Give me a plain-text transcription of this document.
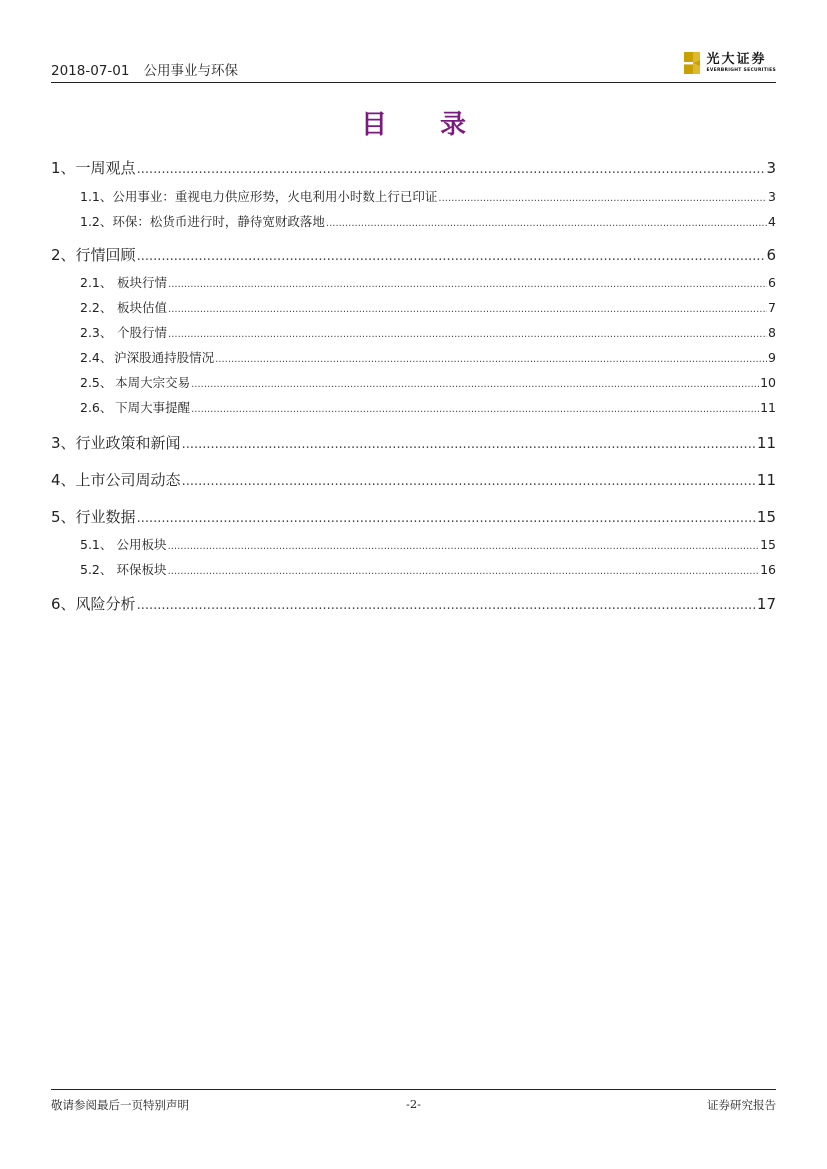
2018-07-01 公用事业与环保
光大证券
EVERBRIGHT SECURITIES
目 录
1、 一周观点 .....	3
1.1、 公用事业：重视电力供应形势，火电利用小时数上行已印证 .....	3
1.2、 环保：松货币进行时，静待宽财政落地 .....	4
2、 行情回顾 .....	6
2.1、 板块行情 .....	6
2.2、 板块估值 .....	7
2.3、 个股行情 .....	8
2.4、 沪深股通持股情况 .....	9
2.5、 本周大宗交易 .....	10
2.6、 下周大事提醒 .....	11
3、 行业政策和新闻 .....	11
4、 上市公司周动态 .....	11
5、 行业数据 .....	15
5.1、 公用板块 .....	15
5.2、 环保板块 .....	16
6、 风险分析 .....	17
敬请参阅最后一页特别声明	-2-	证券研究报告
